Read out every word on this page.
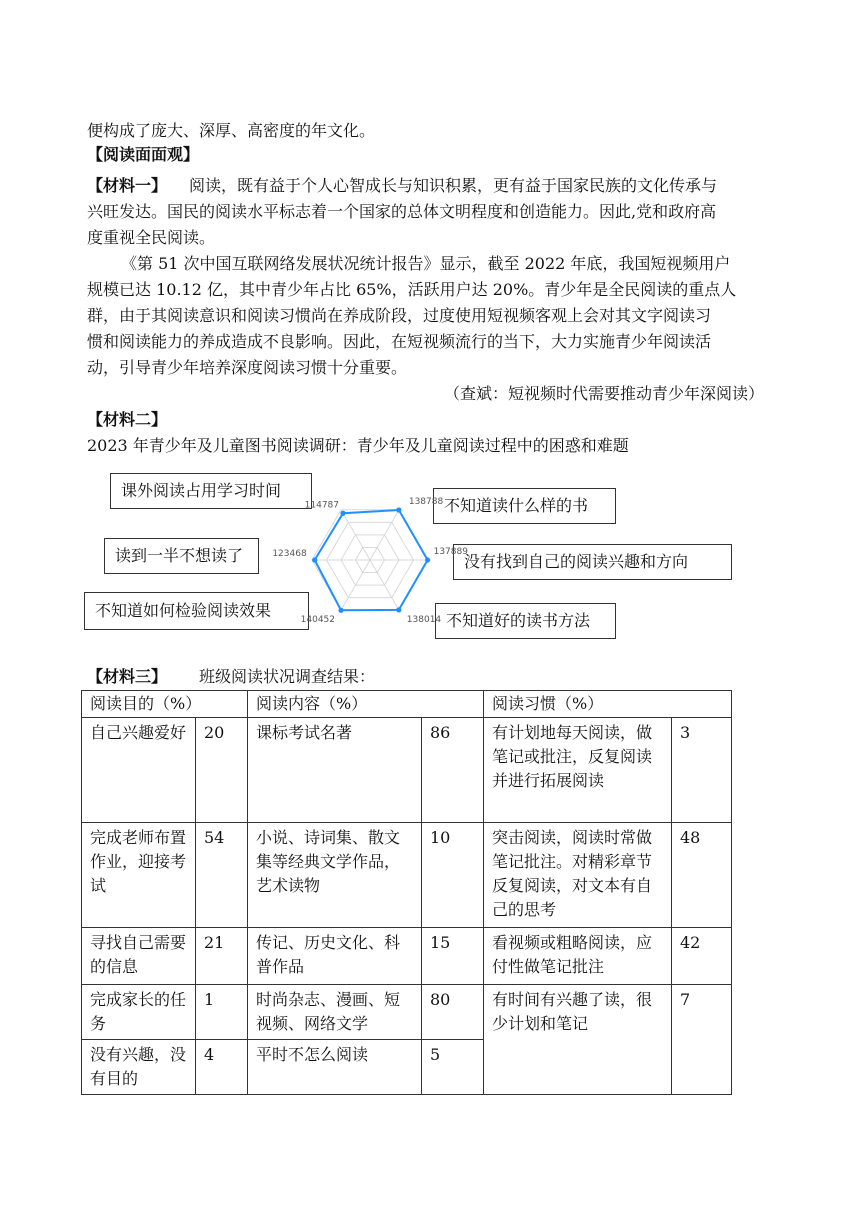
便构成了庞大、深厚、高密度的年文化。
【阅读面面观】
【材料一】 阅读，既有益于个人心智成长与知识积累，更有益于国家民族的文化传承与
兴旺发达。国民的阅读水平标志着一个国家的总体文明程度和创造能力。因此,党和政府高
度重视全民阅读。
《第 51 次中国互联网络发展状况统计报告》显示，截至 2022 年底，我国短视频用户
规模已达 10.12 亿，其中青少年占比 65%，活跃用户达 20%。青少年是全民阅读的重点人
群，由于其阅读意识和阅读习惯尚在养成阶段，过度使用短视频客观上会对其文字阅读习
惯和阅读能力的养成造成不良影响。因此，在短视频流行的当下，大力实施青少年阅读活
动，引导青少年培养深度阅读习惯十分重要。
（查斌：短视频时代需要推动青少年深阅读）
【材料二】
2023 年青少年及儿童图书阅读调研：青少年及儿童阅读过程中的困惑和难题
课外阅读占用学习时间
不知道读什么样的书
读到一半不想读了	没有找到自己的阅读兴趣和方向
不知道如何检验阅读效果
不知道好的读书方法
138788
137889
138014
140452
123468
114787
【材料三】 班级阅读状况调查结果：
阅读目的（%）		阅读内容（%）		阅读习惯（%）	
自己兴趣爱好	20	课标考试名著	86	有计划地每天阅读，做笔记或批注，反复阅读并进行拓展阅读	3
完成老师布置作业，迎接考试	54	小说、诗词集、散文集等经典文学作品，艺术读物	10	突击阅读，阅读时常做笔记批注。对精彩章节反复阅读，对文本有自己的思考	48
寻找自己需要的信息	21	传记、历史文化、科普作品	15	看视频或粗略阅读，应付性做笔记批注	42
完成家长的任务	1	时尚杂志、漫画、短视频、网络文学	80	有时间有兴趣了读，很少计划和笔记	7
没有兴趣，没有目的	4	平时不怎么阅读	5		
